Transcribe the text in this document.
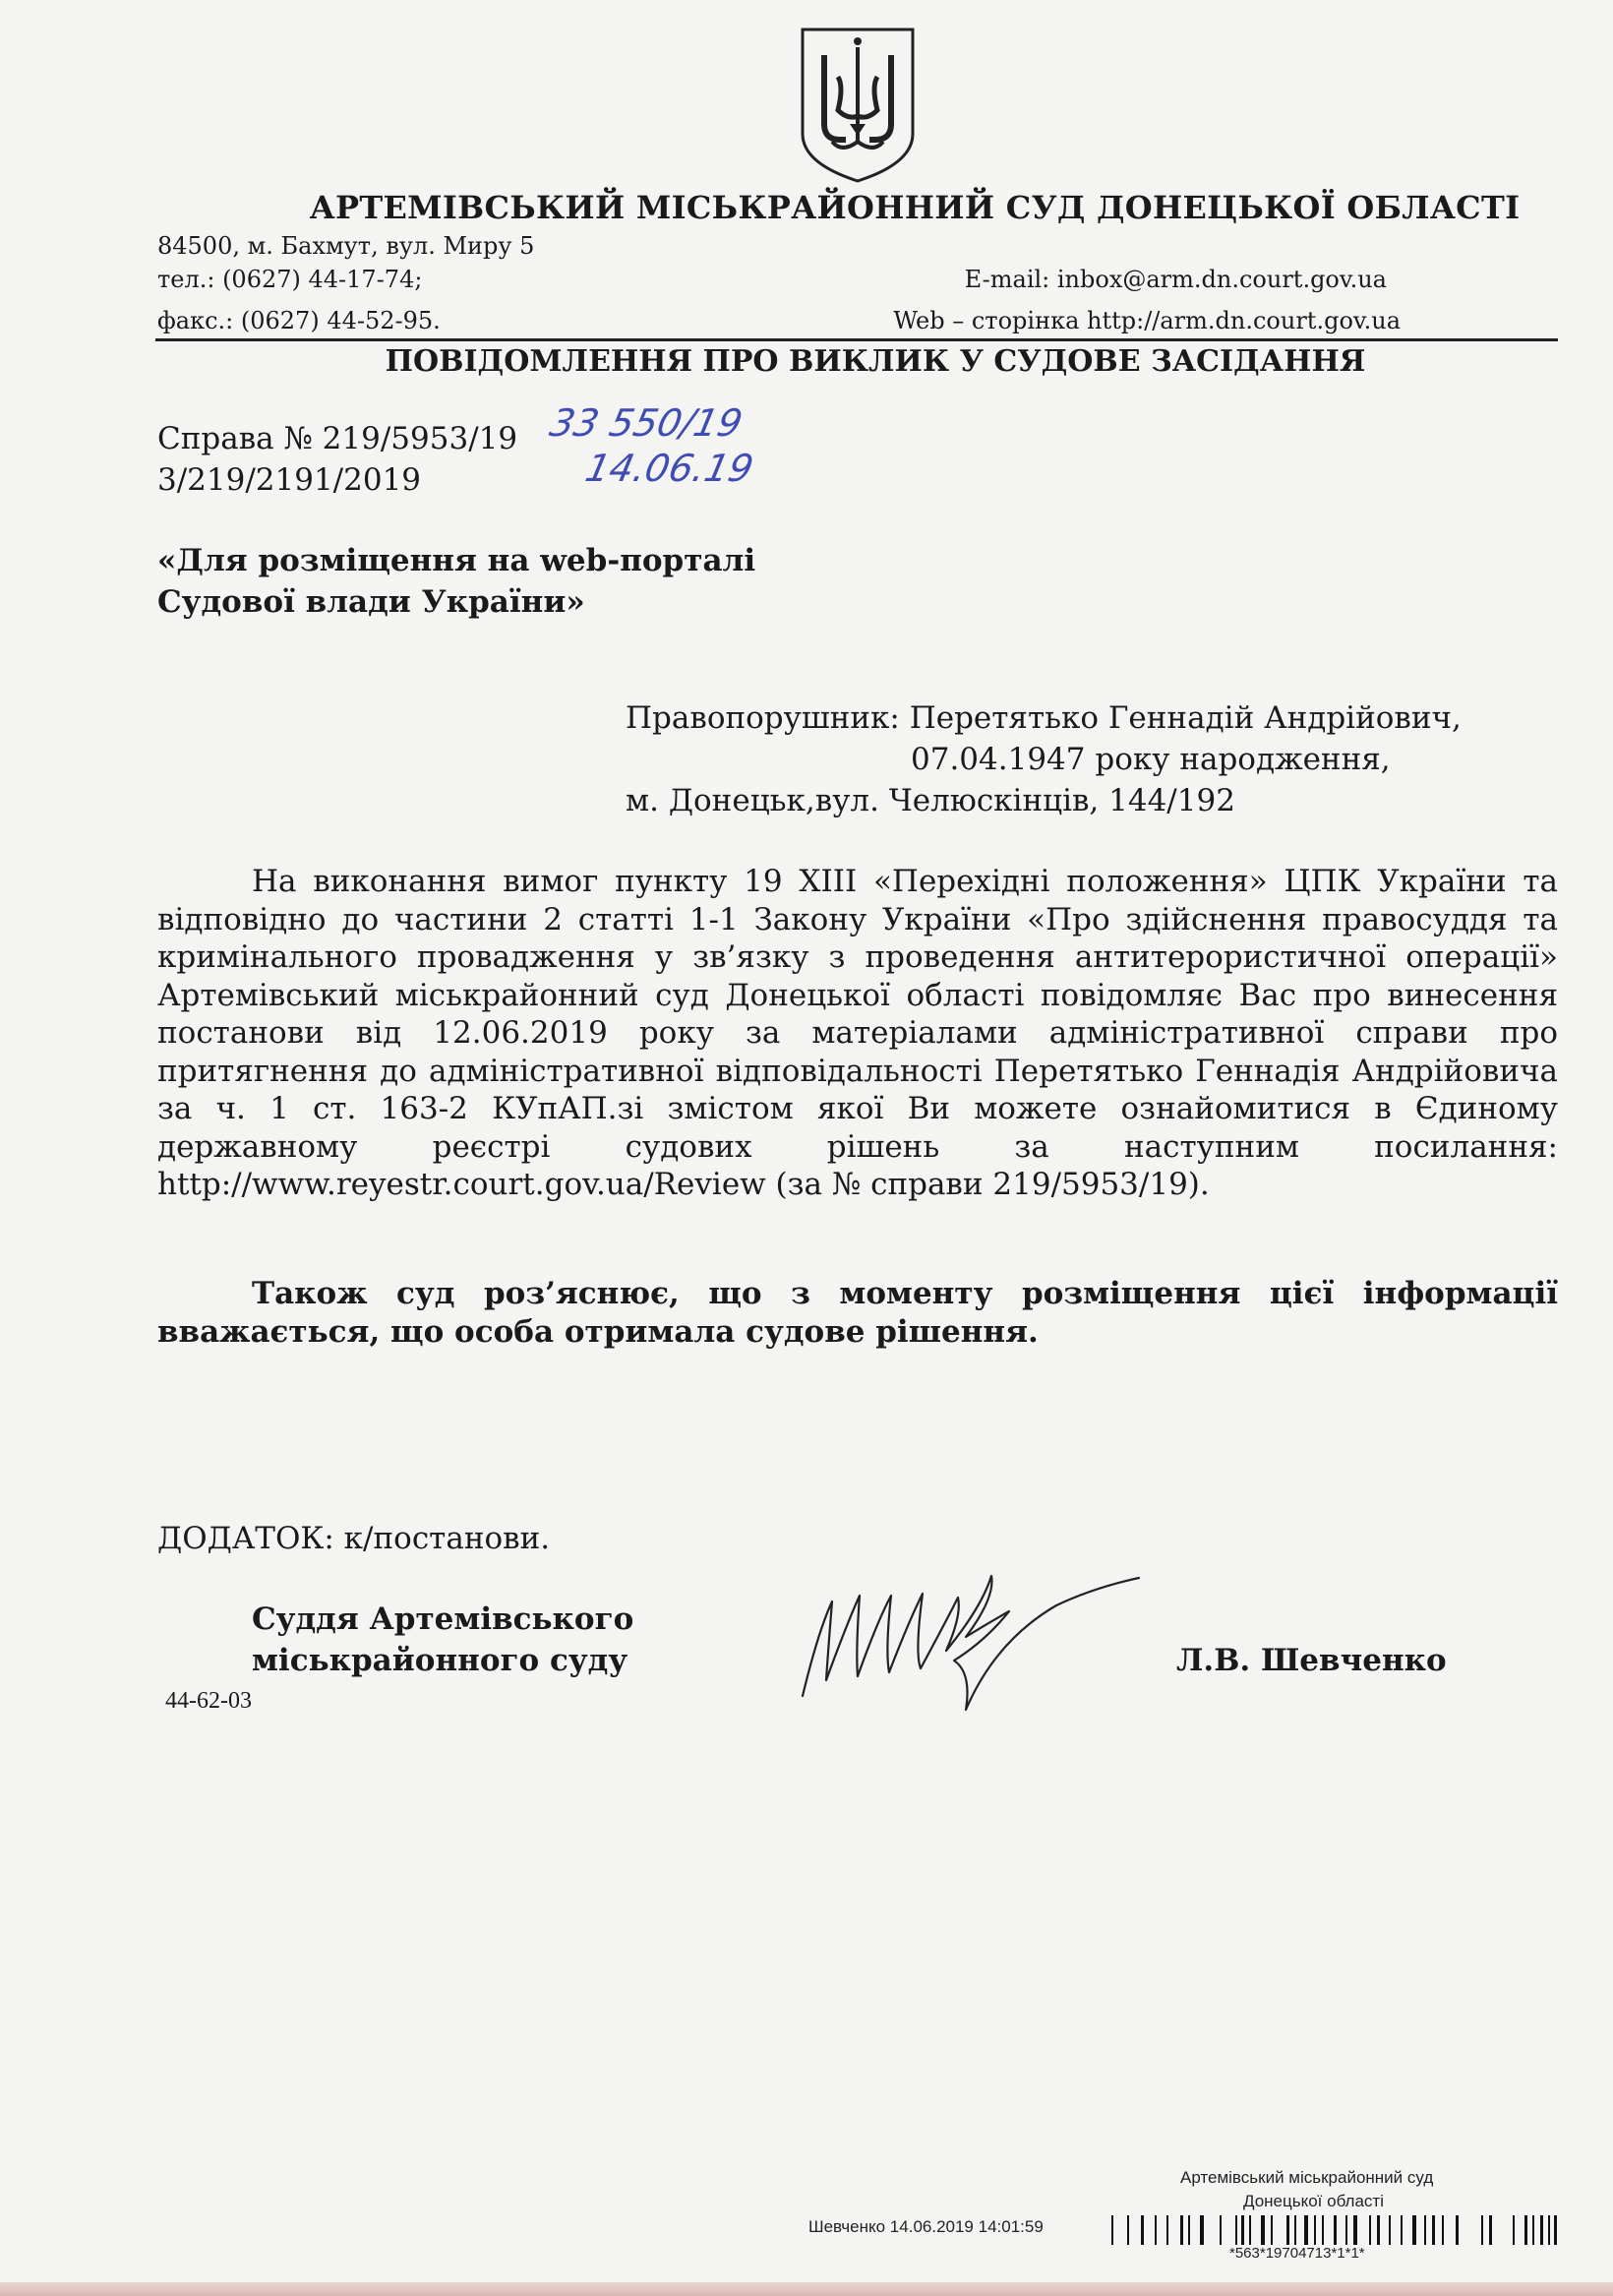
АРТЕМІВСЬКИЙ МІСЬКРАЙОННИЙ СУД ДОНЕЦЬКОЇ ОБЛАСТІ
84500, м. Бахмут, вул. Миру 5
тел.: (0627) 44-17-74;	E-mail: inbox@arm.dn.court.gov.ua
факс.: (0627) 44-52-95.	Web – сторінка http://arm.dn.court.gov.ua
ПОВІДОМЛЕННЯ ПРО ВИКЛИК У СУДОВЕ ЗАСІДАННЯ
Справа № 219/5953/19
3/219/2191/2019
33 550/19
14.06.19
«Для розміщення на web-порталі
Судової влади України»
Правопорушник: Перетятько Геннадій Андрійович,
07.04.1947 року народження,
м. Донецьк,вул. Челюскінців, 144/192
На виконання вимог пункту 19 XIII «Перехідні положення» ЦПК України та відповідно до частини 2 статті 1-1 Закону України «Про здійснення правосуддя та кримінального провадження у зв’язку з проведення антитерористичної операції» Артемівський міськрайонний суд Донецької області повідомляє Вас про винесення постанови від 12.06.2019 року за матеріалами адміністративної справи про притягнення до адміністративної відповідальності Перетятько Геннадія Андрійовича за ч. 1 ст. 163-2 КУпАП.зі змістом якої Ви можете ознайомитися в Єдиному державному реєстрі судових рішень за наступним посилання: http://www.reyestr.court.gov.ua/Review (за № справи 219/5953/19).
Також суд роз’яснює, що з моменту розміщення цієї інформації вважається, що особа отримала судове рішення.
ДОДАТОК: к/постанови.
Суддя Артемівського
міськрайонного суду
44-62-03
Л.В. Шевченко
Артемівський міськрайонний суд
Донецької області
Шевченко 14.06.2019 14:01:59
*563*19704713*1*1*
